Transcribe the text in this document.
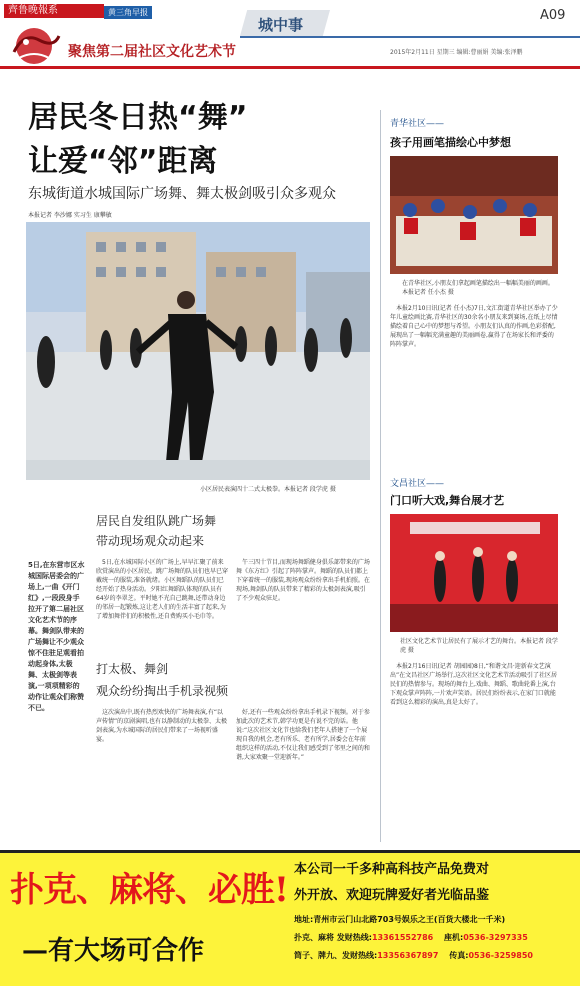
齊鲁晚報系	黄三角早报
城中事
A09
2015年2月11日 星期三 编辑:曹丽娟 美编:张泽鹏
聚焦第二届社区文化艺术节
居民冬日热“舞”
让爱“邻”距离
东城街道水城国际广场舞、舞太极剑吸引众多观众
本报记者 李沙娜 实习生 康攀敏
小区居民表演四十二式太极拳。本报记者 段学虎 摄
5日,在东营市区水城国际居委会的广场上,一曲《开门红》,一段段身手拉开了第二届社区文化艺术节的序幕。舞剑队带来的广场舞让不少观众惊不住驻足观看拍动起身体,太极舞、太极剑等表演,一项项精彩的动作让观众们称赞不已。
居民自发组队跳广场舞
带动现场观众动起来
5日,在水城国际小区的广场上,早早汇聚了前来欣赏演出的小区居民。跳广场舞的队员们也早已穿戴统一的服装,准备就绪。小区舞蹈队的队员们已经开始了热身活动。夕阳红舞蹈队体现的队员有64岁的李翠芝。平时她不光自己跳舞,还带动身边的邻居一起锻炼,这让老人们的生活丰富了起来,为了增加舞伴们的积极性,还自费购买小毛巾等。
午三四十节目,而现场舞蹈健身俱乐部带来的广场舞《东方红》引起了阵阵掌声。舞蹈的队员们都上下穿着统一的服装,现场观众纷纷拿出手机拍照。在现场,舞剑队的队员带来了精彩的太极剑表演,吸引了不少观众驻足。
打太极、舞剑
观众纷纷掏出手机录视频
这次演出中,既有热烈欢快的广场舞表演,有“以声传情”的京剧演唱,也有以静制动的太极拳、太极剑表演,为水城国际的居民们带来了一场视听盛宴。
好,还有一些观众纷纷拿出手机录下视频。对于参加此次的艺术节,韩学功更是有说不完的话。他说:“这次社区文化节也给我们老年人搭建了一个展现自我的机会,老有所乐、老有所学,居委会在年前组织这样的活动,不仅让我们感受到了邻里之间的和谐,大家欢聚一堂迎新年。”
青华社区——
孩子用画笔描绘心中梦想
在青华社区,小朋友们拿起画笔描绘出一幅幅美丽的画画。本报记者 任小杰 摄
本报2月10日讯(记者 任小杰)7日,文汇街道青华社区举办了少年儿童绘画比赛,青华社区的30余名小朋友来到赛场,在纸上尽情描绘着自己心中的梦想与希望。小朋友们认真的作画,色彩搭配,展现出了一幅幅充满童趣的美丽画卷,赢得了在场家长和评委的阵阵掌声。
文昌社区——
门口听大戏,舞台展才艺
社区文化艺术节让居民有了展示才艺的舞台。本报记者 段学虎 摄
本报2月16日讯(记者 胡园园)8日,“和谐文昌·迎新春文艺演出”在文昌社区广场举行,这次社区文化艺术节活动吸引了社区居民们的热情参与。现场的舞台上,戏曲、舞蹈、歌曲轮番上演,台下观众掌声阵阵,一片欢声笑语。居民们纷纷表示,在家门口就能看到这么精彩的演出,真是太好了。
扑克、麻将、必胜!
—有大场可合作
本公司一千多种高科技产品免费对
外开放、欢迎玩牌爱好者光临品鉴
地址:青州市云门山北路703号娱乐之王(百货大楼北一千米)
扑克、麻将 发财热线:13361552786 座机:0536-3297335
筒子、牌九、发财热线:13356367897 传真:0536-3259850
